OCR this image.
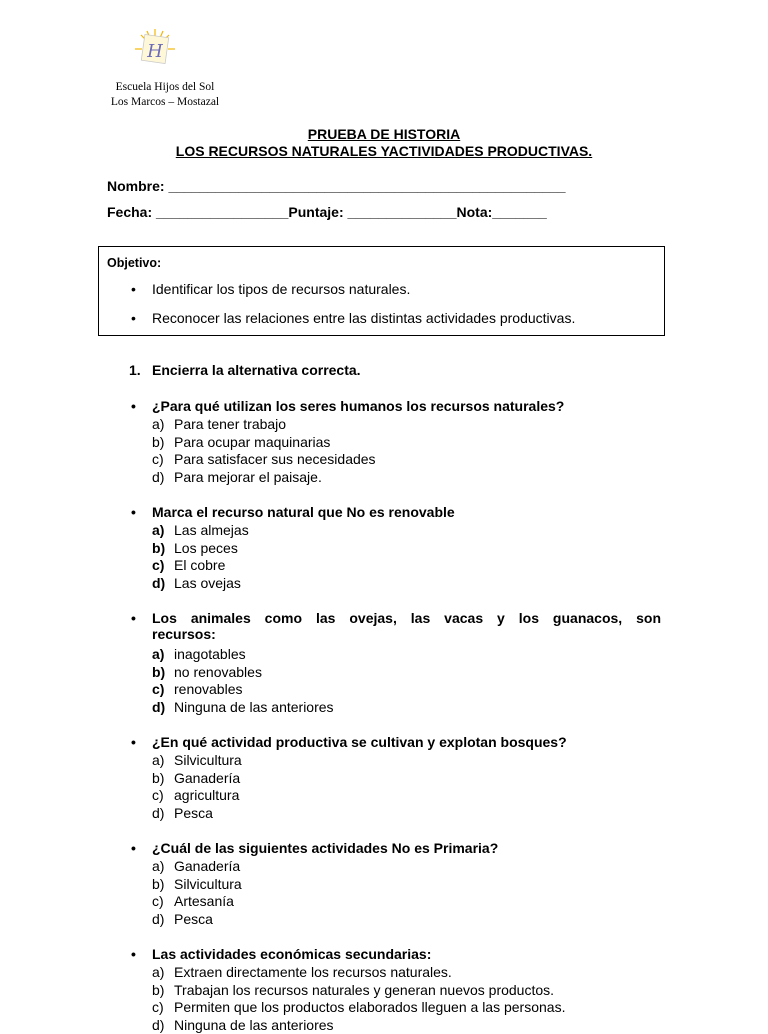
H
Escuela Hijos del Sol
Los Marcos – Mostazal
PRUEBA DE HISTORIA
LOS RECURSOS NATURALES YACTIVIDADES PRODUCTIVAS.
Nombre: ___________________________________________________
Fecha: _________________Puntaje: ______________Nota:_______
Objetivo:
• Identificar los tipos de recursos naturales.
• Reconocer las relaciones entre las distintas actividades productivas.
1. Encierra la alternativa correcta.
• ¿Para qué utilizan los seres humanos los recursos naturales?
a) Para tener trabajo
b) Para ocupar maquinarias
c) Para satisfacer sus necesidades
d) Para mejorar el paisaje.
• Marca el recurso natural que No es renovable
a) Las almejas
b) Los peces
c) El cobre
d) Las ovejas
•	Los animales como las ovejas, las vacas y los guanacos, son
recursos:
a) inagotables
b) no renovables
c) renovables
d) Ninguna de las anteriores
• ¿En qué actividad productiva se cultivan y explotan bosques?
a) Silvicultura
b) Ganadería
c) agricultura
d) Pesca
• ¿Cuál de las siguientes actividades No es Primaria?
a) Ganadería
b) Silvicultura
c) Artesanía
d) Pesca
• Las actividades económicas secundarias:
a) Extraen directamente los recursos naturales.
b) Trabajan los recursos naturales y generan nuevos productos.
c) Permiten que los productos elaborados lleguen a las personas.
d) Ninguna de las anteriores
